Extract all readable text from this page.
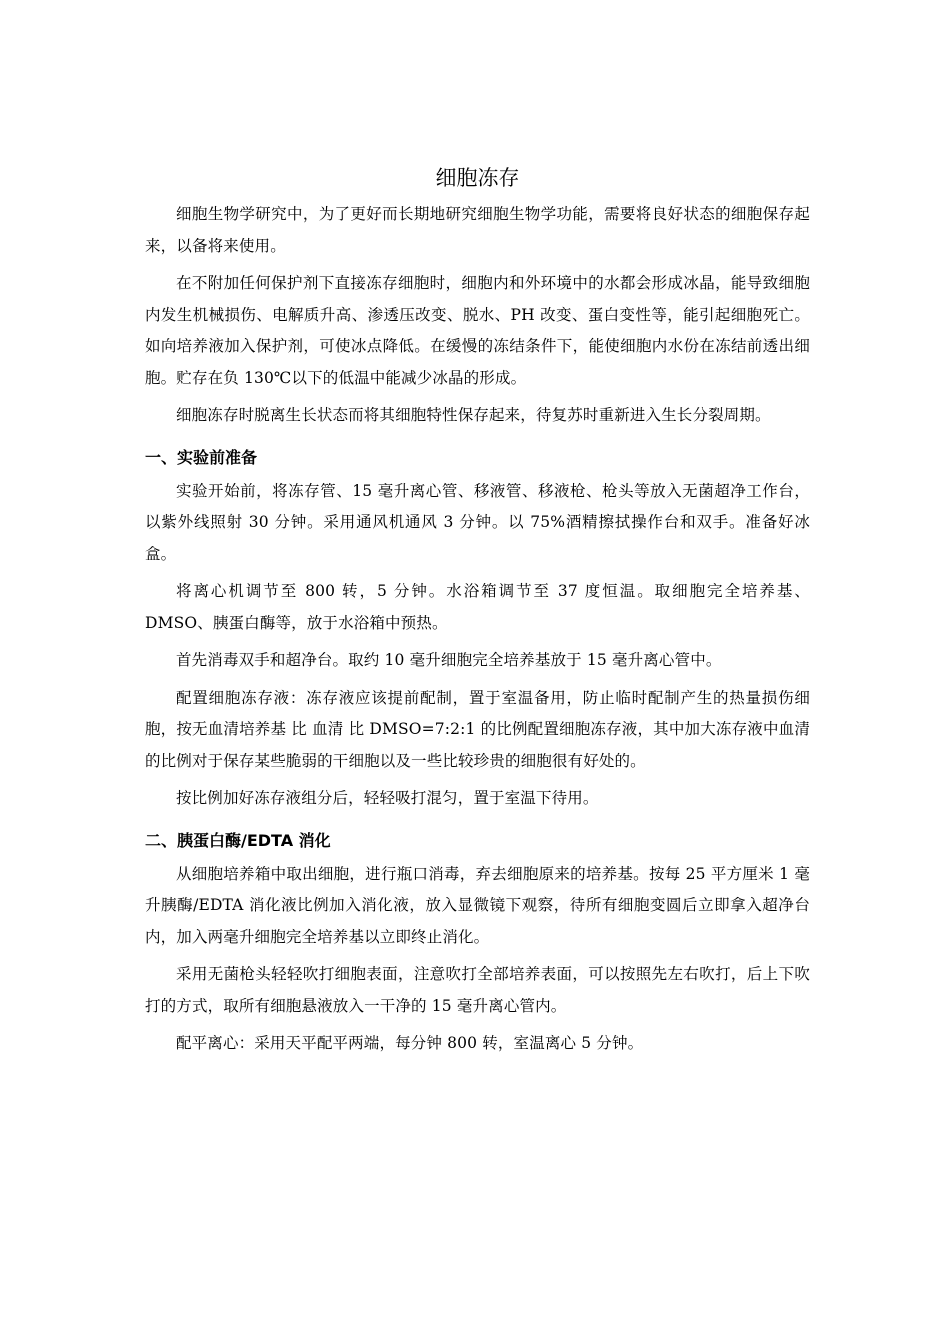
细胞冻存

细胞生物学研究中，为了更好而长期地研究细胞生物学功能，需要将良好状态的细胞保存起来，以备将来使用。

在不附加任何保护剂下直接冻存细胞时，细胞内和外环境中的水都会形成冰晶，能导致细胞内发生机械损伤、电解质升高、渗透压改变、脱水、PH 改变、蛋白变性等，能引起细胞死亡。如向培养液加入保护剂，可使冰点降低。在缓慢的冻结条件下，能使细胞内水份在冻结前透出细胞。贮存在负 130℃以下的低温中能减少冰晶的形成。

细胞冻存时脱离生长状态而将其细胞特性保存起来，待复苏时重新进入生长分裂周期。

一、实验前准备

实验开始前，将冻存管、15 毫升离心管、移液管、移液枪、枪头等放入无菌超净工作台，以紫外线照射 30 分钟。采用通风机通风 3 分钟。以 75%酒精擦拭操作台和双手。准备好冰盒。

将离心机调节至 800 转，5 分钟。水浴箱调节至 37 度恒温。取细胞完全培养基、DMSO、胰蛋白酶等，放于水浴箱中预热。

首先消毒双手和超净台。取约 10 毫升细胞完全培养基放于 15 毫升离心管中。

配置细胞冻存液：冻存液应该提前配制，置于室温备用，防止临时配制产生的热量损伤细胞，按无血清培养基 比 血清 比 DMSO=7:2:1 的比例配置细胞冻存液，其中加大冻存液中血清的比例对于保存某些脆弱的干细胞以及一些比较珍贵的细胞很有好处的。

按比例加好冻存液组分后，轻轻吸打混匀，置于室温下待用。

二、胰蛋白酶/EDTA 消化

从细胞培养箱中取出细胞，进行瓶口消毒，弃去细胞原来的培养基。按每 25 平方厘米 1 毫升胰酶/EDTA 消化液比例加入消化液，放入显微镜下观察，待所有细胞变圆后立即拿入超净台内，加入两毫升细胞完全培养基以立即终止消化。

采用无菌枪头轻轻吹打细胞表面，注意吹打全部培养表面，可以按照先左右吹打，后上下吹打的方式，取所有细胞悬液放入一干净的 15 毫升离心管内。

配平离心：采用天平配平两端，每分钟 800 转，室温离心 5 分钟。
